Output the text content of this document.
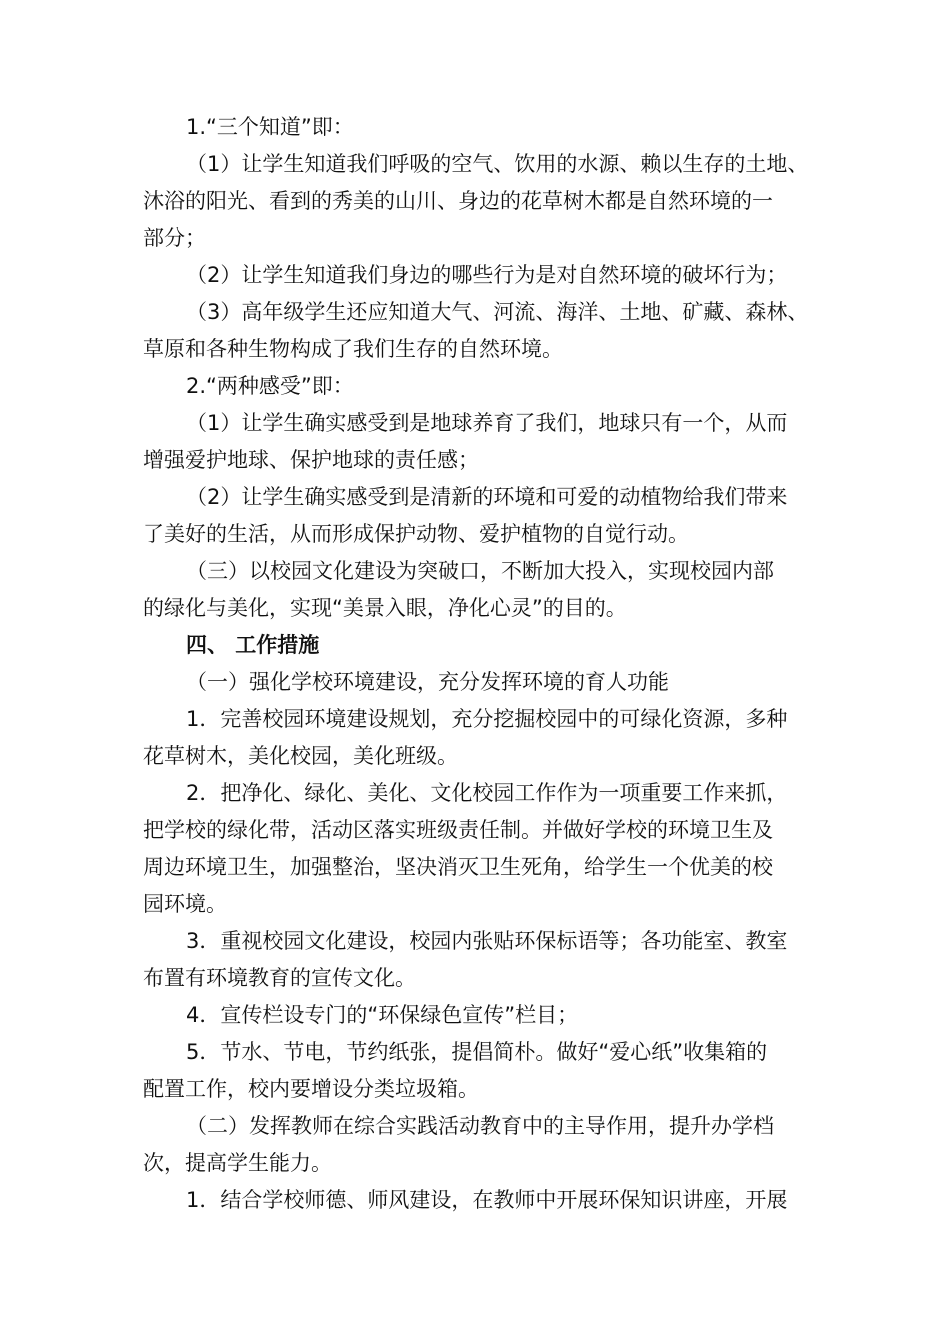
1.“三个知道”即：
（1）让学生知道我们呼吸的空气、饮用的水源、赖以生存的土地、
沐浴的阳光、看到的秀美的山川、身边的花草树木都是自然环境的一
部分；
（2）让学生知道我们身边的哪些行为是对自然环境的破坏行为；
（3）高年级学生还应知道大气、河流、海洋、土地、矿藏、森林、
草原和各种生物构成了我们生存的自然环境。
2.“两种感受”即：
（1）让学生确实感受到是地球养育了我们，地球只有一个，从而
增强爱护地球、保护地球的责任感；
（2）让学生确实感受到是清新的环境和可爱的动植物给我们带来
了美好的生活，从而形成保护动物、爱护植物的自觉行动。
（三）以校园文化建设为突破口，不断加大投入，实现校园内部
的绿化与美化，实现“美景入眼，净化心灵”的目的。
四、 工作措施
（一）强化学校环境建设，充分发挥环境的育人功能
1．完善校园环境建设规划，充分挖掘校园中的可绿化资源，多种
花草树木，美化校园，美化班级。
2．把净化、绿化、美化、文化校园工作作为一项重要工作来抓，
把学校的绿化带，活动区落实班级责任制。并做好学校的环境卫生及
周边环境卫生，加强整治，坚决消灭卫生死角，给学生一个优美的校
园环境。
3．重视校园文化建设，校园内张贴环保标语等；各功能室、教室
布置有环境教育的宣传文化。
4．宣传栏设专门的“环保绿色宣传”栏目；
5．节水、节电，节约纸张，提倡简朴。做好“爱心纸”收集箱的
配置工作，校内要增设分类垃圾箱。
（二）发挥教师在综合实践活动教育中的主导作用，提升办学档
次，提高学生能力。
1．结合学校师德、师风建设，在教师中开展环保知识讲座，开展
